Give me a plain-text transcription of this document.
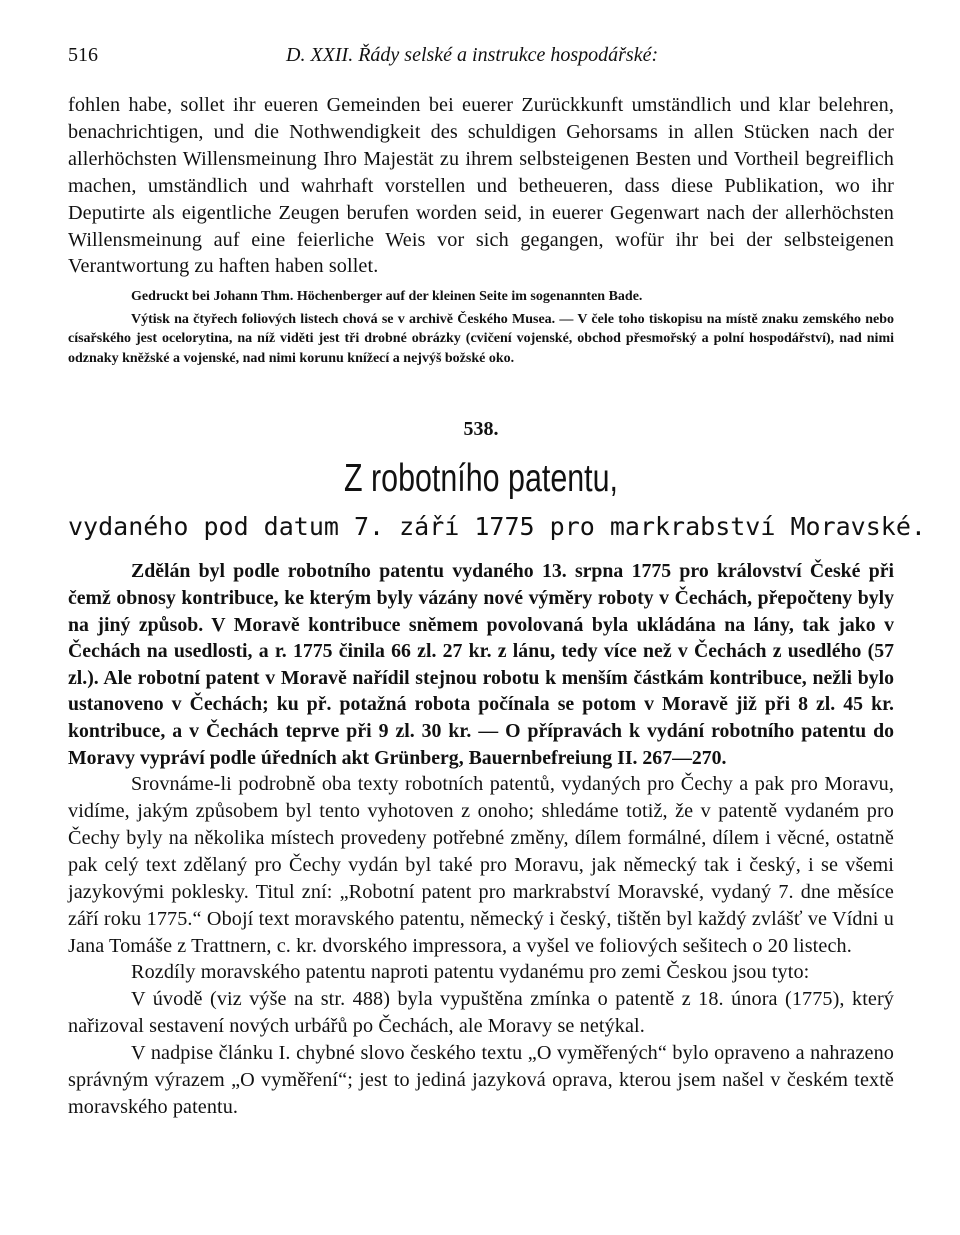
516	D. XXII. Řády selské a instrukce hospodářské:

fohlen habe, sollet ihr eueren Gemeinden bei euerer Zurückkunft umständlich und klar belehren, benachrichtigen, und die Nothwendigkeit des schuldigen Gehorsams in allen Stücken nach der allerhöchsten Willensmeinung Ihro Majestät zu ihrem selbsteigenen Besten und Vortheil begreiflich machen, umständlich und wahrhaft vorstellen und betheueren, dass diese Publikation, wo ihr Deputirte als eigentliche Zeugen berufen worden seid, in euerer Gegenwart nach der allerhöchsten Willensmeinung auf eine feierliche Weis vor sich gegangen, wofür ihr bei der selbsteigenen Verantwortung zu haften haben sollet.

Gedruckt bei Johann Thm. Höchenberger auf der kleinen Seite im sogenannten Bade.

Výtisk na čtyřech foliových listech chová se v archivě Českého Musea. — V čele toho tiskopisu na místě znaku zemského nebo císařského jest ocelorytina, na níž viděti jest tři drobné obrázky (cvičení vojenské, obchod přesmořský a polní hospodářství), nad nimi odznaky kněžské a vojenské, nad nimi korunu knížecí a nejvýš božské oko.

538.
Z robotního patentu,
vydaného pod datum 7. září 1775 pro markrabství Moravské.

Zdělán byl podle robotního patentu vydaného 13. srpna 1775 pro království České při čemž obnosy kontribuce, ke kterým byly vázány nové výměry roboty v Čechách, přepočteny byly na jiný způsob. V Moravě kontribuce sněmem povolovaná byla ukládána na lány, tak jako v Čechách na usedlosti, a r. 1775 činila 66 zl. 27 kr. z lánu, tedy více než v Čechách z usedlého (57 zl.). Ale robotní patent v Moravě nařídil stejnou robotu k menším částkám kontribuce, nežli bylo ustanoveno v Čechách; ku př. potažná robota počínala se potom v Moravě již při 8 zl. 45 kr. kontribuce, a v Čechách teprve při 9 zl. 30 kr. — O přípravách k vydání robotního patentu do Moravy vypráví podle úředních akt Grünberg, Bauernbefreiung II. 267—270.

Srovnáme-li podrobně oba texty robotních patentů, vydaných pro Čechy a pak pro Moravu, vidíme, jakým způsobem byl tento vyhotoven z onoho; shledáme totiž, že v patentě vydaném pro Čechy byly na několika místech provedeny potřebné změny, dílem formálné, dílem i věcné, ostatně pak celý text zdělaný pro Čechy vydán byl také pro Moravu, jak německý tak i český, i se všemi jazykovými poklesky. Titul zní: „Robotní patent pro markrabství Moravské, vydaný 7. dne měsíce září roku 1775.“ Obojí text moravského patentu, německý i český, tištěn byl každý zvlášť ve Vídni u Jana Tomáše z Trattnern, c. kr. dvorského impressora, a vyšel ve foliových sešitech o 20 listech.

Rozdíly moravského patentu naproti patentu vydanému pro zemi Českou jsou tyto:

V úvodě (viz výše na str. 488) byla vypuštěna zmínka o patentě z 18. února (1775), který nařizoval sestavení nových urbářů po Čechách, ale Moravy se netýkal.

V nadpise článku I. chybné slovo českého textu „O vyměřených“ bylo opraveno a nahrazeno správným výrazem „O vyměření“; jest to jediná jazyková oprava, kterou jsem našel v českém textě moravského patentu.
